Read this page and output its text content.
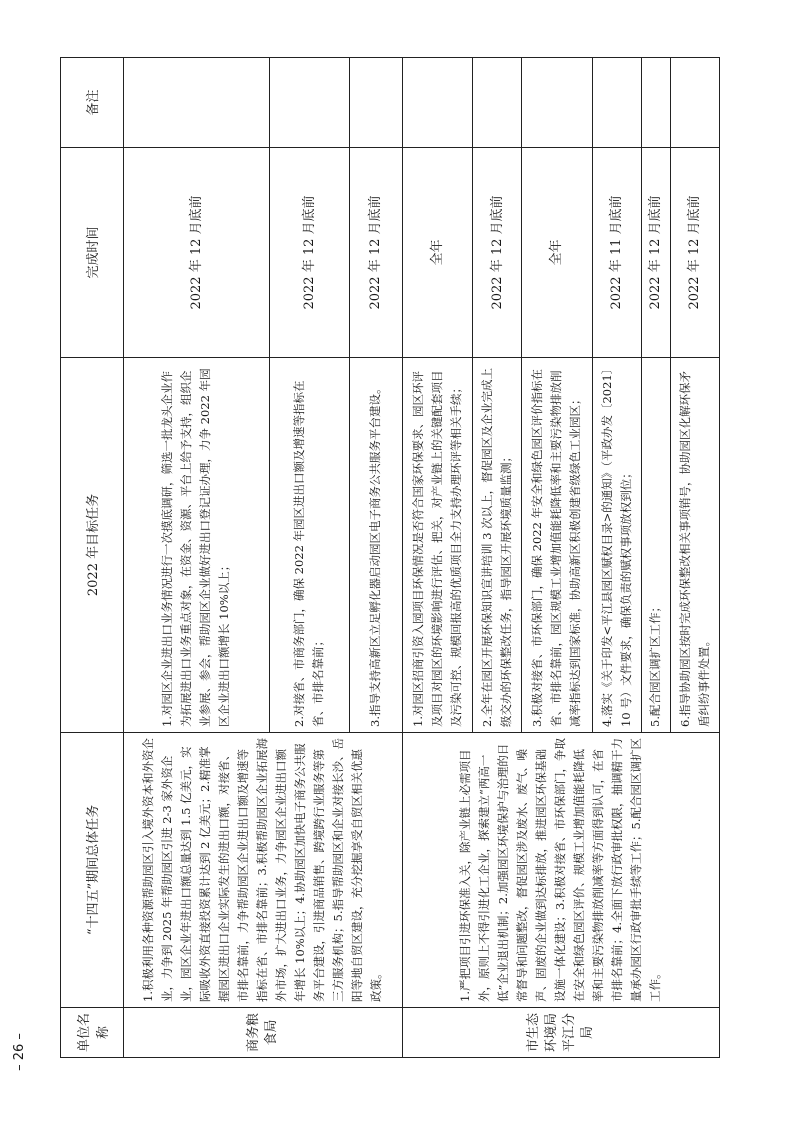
单位名称	“十四五”期间总体任务	2022 年目标任务	完成时间	备注
商务粮食局	1.积极利用各种资源帮助园区引入境外资本和外资企业，力争到 2025 年帮助园区引进 2-3 家外资企业，园区企业年进出口额总量达到 1.5 亿美元，实际吸收外资直接投资累计达到 2 亿美元；2.精准掌握园区进出口企业实际发生的进出口额，对接省、市排名靠前，力争帮助园区企业进出口额及增速等指标在省、市排名靠前；3.积极帮助园区企业拓展海外市场，扩大进出口业务，力争园区企业进出口额年增长 10%以上；4.协助园区加快电子商务公共服务平台建设，引进商品销售、跨境跨行业服务等第三方服务机构；5.指导帮助园区和企业对接长沙、岳阳等地自贸区建设，充分挖掘享受自贸区相关优惠政策。	1.对园区企业进出口业务情况进行一次摸底调研，筛选一批龙头企业作为拓展进出口业务重点对象，在资金、资源、平台上给予支持，组织企业参展、参会，帮助园区企业做好进出口登记证办理，力争 2022 年园区企业进出口额增长 10%以上；	2022 年 12 月底前	
		2.对接省、市商务部门，确保 2022 年园区进出口额及增速等指标在省、市排名靠前；	2022 年 12 月底前	
		3.指导支持高新区立足孵化器启动园区电子商务公共服务平台建设。	2022 年 12 月底前	
市生态环境局平江分局	1.严把项目引进环保准入关，除产业链上必需项目外，原则上不得引进化工企业，探索建立“两高一低”企业退出机制；2.加强园区环境保护与治理的日常督导和问题整改，督促园区涉及废水、废气、噪声、固废的企业做到达标排放，推进园区环保基础设施一体化建设；3.积极对接省、市环保部门，争取在安全和绿色园区评价、规模工业增加值能耗降低率和主要污染物排放削减率等方面得到认可，在省市排名靠前；4.全面下放行政审批权限，抽调精干力量承办园区行政审批手续等工作；5.配合园区调扩区工作。	1.对园区招商引资入园项目环保情况是否符合国家环保要求、园区环评及项目对园区的环境影响进行评估、把关，对产业链上的关键配套项目及污染可控、规模回报高的优质项目全力支持办理环评等相关手续；	全年	
		2.全年在园区开展环保知识宣讲培训 3 次以上，督促园区及企业完成上级交办的环保整改任务，指导园区开展环境质量监测；	2022 年 12 月底前	
		3.积极对接省、市环保部门，确保 2022 年安全和绿色园区评价指标在省、市排名靠前，园区规模工业增加值能耗降低率和主要污染物排放削减率指标达到国家标准，协助高新区积极创建省级绿色工业园区；	全年	
		4.落实《关于印发<平江县园区赋权目录>的通知》（平政办发〔2021〕10 号）文件要求，确保负责的赋权事项放权到位；	2022 年 11 月底前	
		5.配合园区调扩区工作；	2022 年 12 月底前	
		6.指导协助园区按时完成环保整改相关事项销号，协助园区化解环保矛盾纠纷事件处置。	2022 年 12 月底前	
– 26 –
